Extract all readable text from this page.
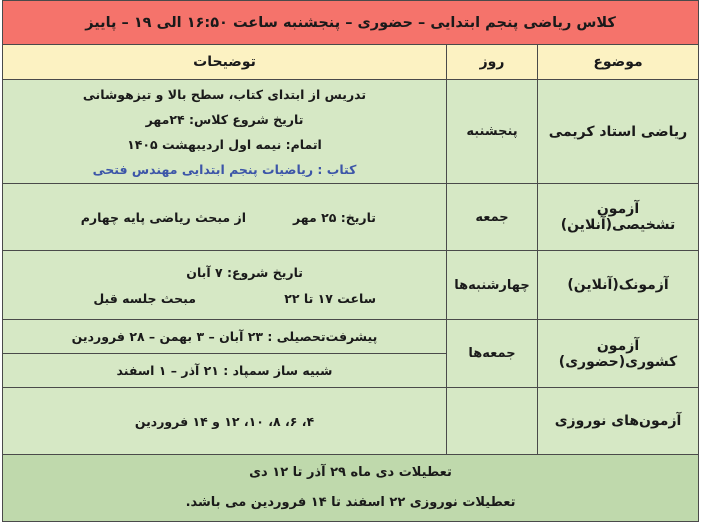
کلاس ریاضی پنجم ابتدایی – حضوری – پنجشنبه ساعت ۱۶:۵۰ الی ۱۹ – پاییز
موضوع
روز
توضیحات
ریاضی استاد کریمی
پنجشنبه
تدریس از ابتدای کتاب، سطح بالا و تیزهوشانی
تاریخ شروع کلاس: ۲۴مهر
اتمام: نیمه اول اردیبهشت ۱۴۰۵
کتاب : ریاضیات پنجم ابتدایی مهندس فتحی
آزمون تشخیصی(آنلاین)
جمعه
تاریخ: ۲۵ مهر
از مبحث ریاضی پایه چهارم
آزمونک(آنلاین)
چهارشنبه‌ها
تاریخ شروع: ۷ آبان
ساعت ۱۷ تا ۲۲
مبحث جلسه قبل
آزمون کشوری(حضوری)
جمعه‌ها
پیشرفت‌تحصیلی : ۲۳ آبان – ۳ بهمن – ۲۸ فروردین
شبیه ساز سمپاد : ۲۱ آذر – ۱ اسفند
آزمون‌های نوروزی
۴، ۶، ۸، ۱۰، ۱۲ و ۱۴ فروردین
تعطیلات دی ماه ۲۹ آذر تا ۱۲ دی
تعطیلات نوروزی ۲۲ اسفند تا ۱۴ فروردین می باشد.
